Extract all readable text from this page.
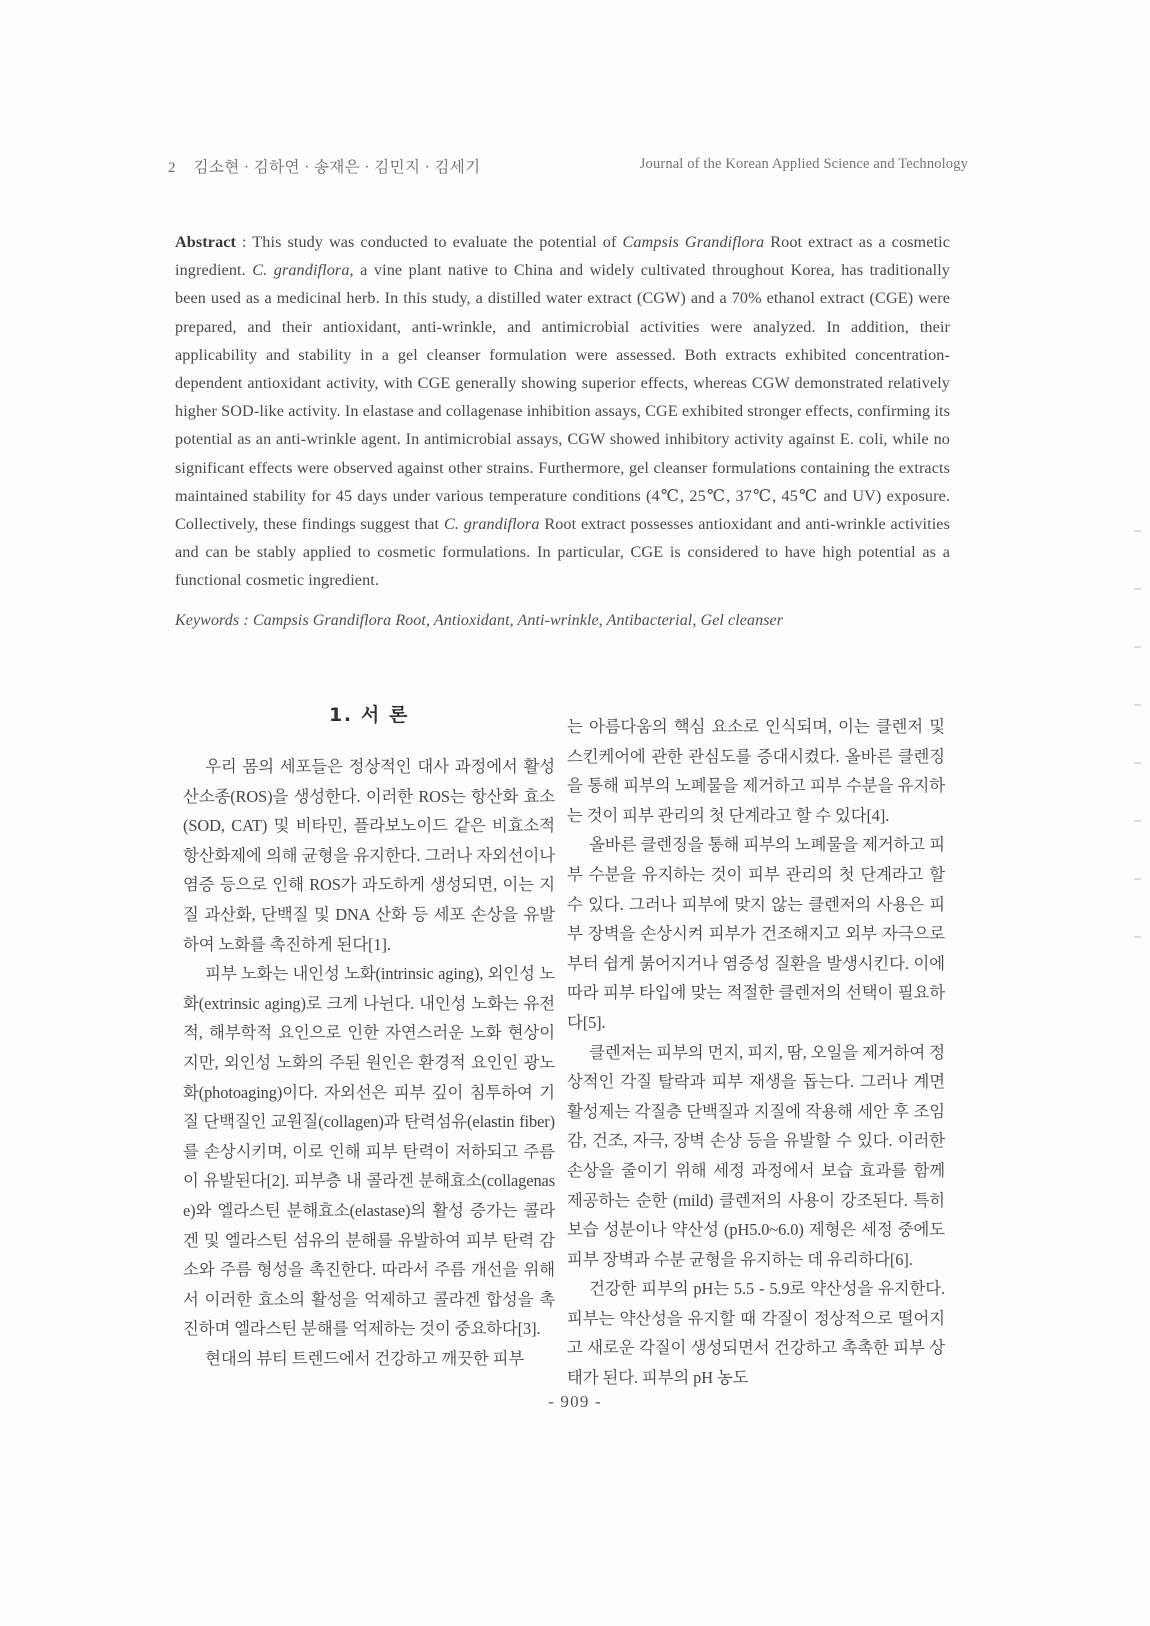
2 김소현 · 김하연 · 송재은 · 김민지 · 김세기	Journal of the Korean Applied Science and Technology
Abstract : This study was conducted to evaluate the potential of Campsis Grandiflora Root extract as a cosmetic ingredient. C. grandiflora, a vine plant native to China and widely cultivated throughout Korea, has traditionally been used as a medicinal herb. In this study, a distilled water extract (CGW) and a 70% ethanol extract (CGE) were prepared, and their antioxidant, anti-wrinkle, and antimicrobial activities were analyzed. In addition, their applicability and stability in a gel cleanser formulation were assessed. Both extracts exhibited concentration-dependent antioxidant activity, with CGE generally showing superior effects, whereas CGW demonstrated relatively higher SOD-like activity. In elastase and collagenase inhibition assays, CGE exhibited stronger effects, confirming its potential as an anti-wrinkle agent. In antimicrobial assays, CGW showed inhibitory activity against E. coli, while no significant effects were observed against other strains. Furthermore, gel cleanser formulations containing the extracts maintained stability for 45 days under various temperature conditions (4℃, 25℃, 37℃, 45℃ and UV) exposure. Collectively, these findings suggest that C. grandiflora Root extract possesses antioxidant and anti-wrinkle activities and can be stably applied to cosmetic formulations. In particular, CGE is considered to have high potential as a functional cosmetic ingredient.
Keywords : Campsis Grandiflora Root, Antioxidant, Anti-wrinkle, Antibacterial, Gel cleanser
1. 서 론

우리 몸의 세포들은 정상적인 대사 과정에서 활성 산소종(ROS)을 생성한다. 이러한 ROS는 항산화 효소(SOD, CAT) 및 비타민, 플라보노이드 같은 비효소적 항산화제에 의해 균형을 유지한다. 그러나 자외선이나 염증 등으로 인해 ROS가 과도하게 생성되면, 이는 지질 과산화, 단백질 및 DNA 산화 등 세포 손상을 유발하여 노화를 촉진하게 된다[1].

피부 노화는 내인성 노화(intrinsic aging), 외인성 노화(extrinsic aging)로 크게 나뉜다. 내인성 노화는 유전적, 해부학적 요인으로 인한 자연스러운 노화 현상이지만, 외인성 노화의 주된 원인은 환경적 요인인 광노화(photoaging)이다. 자외선은 피부 깊이 침투하여 기질 단백질인 교원질(collagen)과 탄력섬유(elastin fiber)를 손상시키며, 이로 인해 피부 탄력이 저하되고 주름이 유발된다[2]. 피부층 내 콜라겐 분해효소(collagenase)와 엘라스틴 분해효소(elastase)의 활성 증가는 콜라겐 및 엘라스틴 섬유의 분해를 유발하여 피부 탄력 감소와 주름 형성을 촉진한다. 따라서 주름 개선을 위해서 이러한 효소의 활성을 억제하고 콜라겐 합성을 촉진하며 엘라스틴 분해를 억제하는 것이 중요하다[3].

현대의 뷰티 트렌드에서 건강하고 깨끗한 피부

는 아름다움의 핵심 요소로 인식되며, 이는 클렌저 및 스킨케어에 관한 관심도를 증대시켰다. 올바른 클렌징을 통해 피부의 노폐물을 제거하고 피부 수분을 유지하는 것이 피부 관리의 첫 단계라고 할 수 있다[4].

올바른 클렌징을 통해 피부의 노폐물을 제거하고 피부 수분을 유지하는 것이 피부 관리의 첫 단계라고 할 수 있다. 그러나 피부에 맞지 않는 클렌저의 사용은 피부 장벽을 손상시켜 피부가 건조해지고 외부 자극으로부터 쉽게 붉어지거나 염증성 질환을 발생시킨다. 이에 따라 피부 타입에 맞는 적절한 클렌저의 선택이 필요하다[5].

클렌저는 피부의 먼지, 피지, 땀, 오일을 제거하여 정상적인 각질 탈락과 피부 재생을 돕는다. 그러나 계면활성제는 각질층 단백질과 지질에 작용해 세안 후 조임감, 건조, 자극, 장벽 손상 등을 유발할 수 있다. 이러한 손상을 줄이기 위해 세정 과정에서 보습 효과를 함께 제공하는 순한 (mild) 클렌저의 사용이 강조된다. 특히 보습 성분이나 약산성 (pH5.0~6.0) 제형은 세정 중에도 피부 장벽과 수분 균형을 유지하는 데 유리하다[6].

건강한 피부의 pH는 5.5 - 5.9로 약산성을 유지한다. 피부는 약산성을 유지할 때 각질이 정상적으로 떨어지고 새로운 각질이 생성되면서 건강하고 촉촉한 피부 상태가 된다. 피부의 pH 농도

- 909 -
